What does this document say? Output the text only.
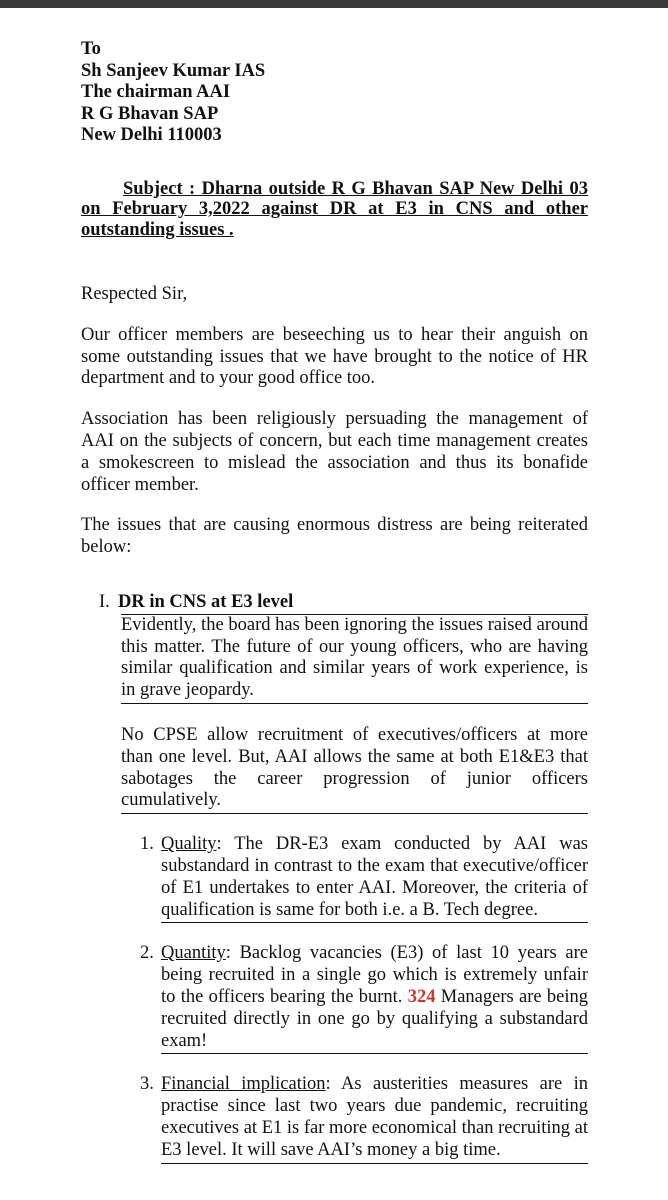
To
Sh Sanjeev Kumar IAS
The chairman AAI
R G Bhavan SAP
New Delhi 110003
Subject : Dharna outside R G Bhavan SAP New Delhi 03 on February 3,2022 against DR at E3 in CNS and other outstanding issues .
Respected Sir,

Our officer members are beseeching us to hear their anguish on some outstanding issues that we have brought to the notice of HR department and to your good office too.

Association has been religiously persuading the management of AAI on the subjects of concern, but each time management creates a smokescreen to mislead the association and thus its bonafide officer member.

The issues that are causing enormous distress are being reiterated below:

I. DR in CNS at E3 level

Evidently, the board has been ignoring the issues raised around this matter. The future of our young officers, who are having similar qualification and similar years of work experience, is in grave jeopardy.

No CPSE allow recruitment of executives/officers at more than one level. But, AAI allows the same at both E1&E3 that sabotages the career progression of junior officers cumulatively.

1. Quality: The DR-E3 exam conducted by AAI was substandard in contrast to the exam that executive/officer of E1 undertakes to enter AAI. Moreover, the criteria of qualification is same for both i.e. a B. Tech degree.

2. Quantity: Backlog vacancies (E3) of last 10 years are being recruited in a single go which is extremely unfair to the officers bearing the burnt. 324 Managers are being recruited directly in one go by qualifying a substandard exam!

3. Financial implication: As austerities measures are in practise since last two years due pandemic, recruiting executives at E1 is far more economical than recruiting at E3 level. It will save AAI’s money a big time.
